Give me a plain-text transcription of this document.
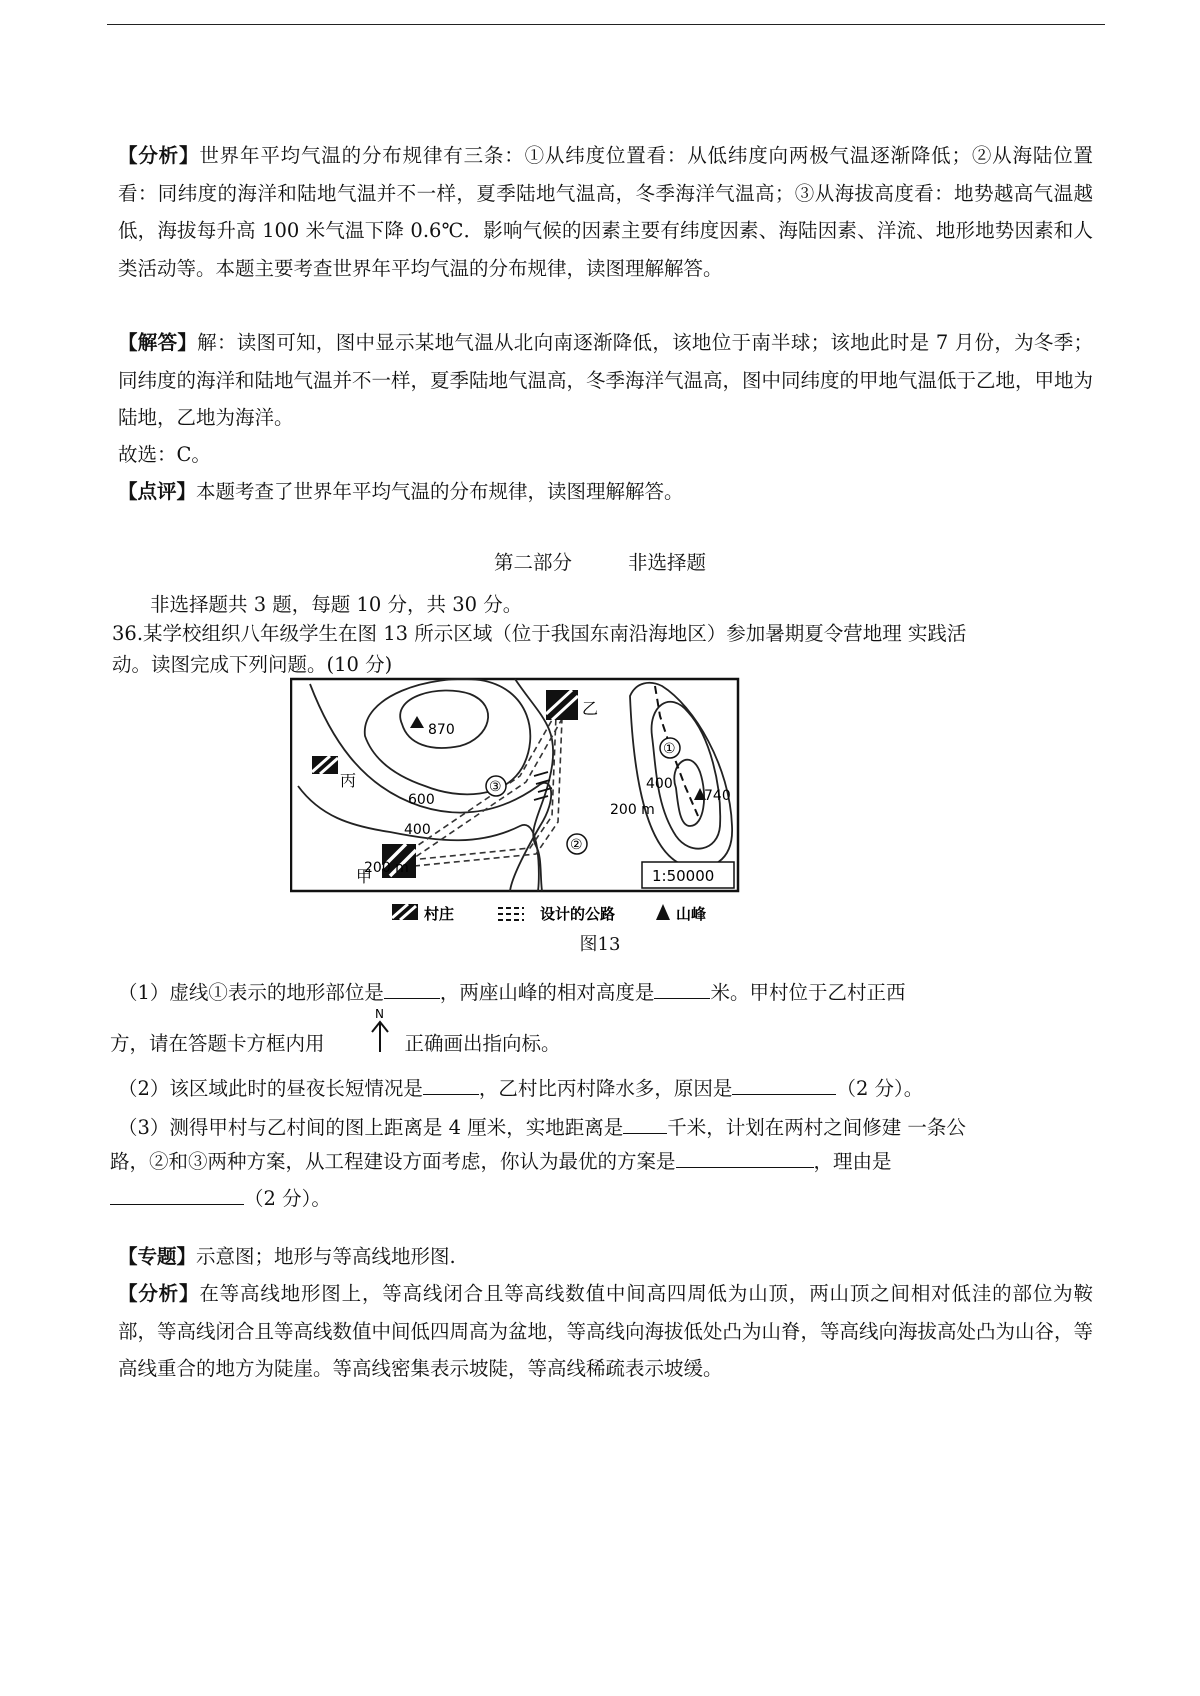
【分析】世界年平均气温的分布规律有三条：①从纬度位置看：从低纬度向两极气温逐渐降低；②从海陆位置看：同纬度的海洋和陆地气温并不一样，夏季陆地气温高，冬季海洋气温高；③从海拔高度看：地势越高气温越低，海拔每升高 100 米气温下降 0.6℃．影响气候的因素主要有纬度因素、海陆因素、洋流、地形地势因素和人类活动等。本题主要考查世界年平均气温的分布规律，读图理解解答。
【解答】解：读图可知，图中显示某地气温从北向南逐渐降低，该地位于南半球；该地此时是 7 月份，为冬季；同纬度的海洋和陆地气温并不一样，夏季陆地气温高，冬季海洋气温高，图中同纬度的甲地气温低于乙地，甲地为陆地，乙地为海洋。
故选：C。
【点评】本题考查了世界年平均气温的分布规律，读图理解解答。
第二部分	非选择题
非选择题共 3 题，每题 10 分，共 30 分。
36.某学校组织八年级学生在图 13 所示区域（位于我国东南沿海地区）参加暑期夏令营地理 实践活
动。读图完成下列问题。(10 分)
870
740
600
400
200 m
400
200 m
甲
乙
丙
①
③
②
1:50000
村庄	设计的公路	山峰
图13
（1）虚线①表示的地形部位是	，两座山峰的相对高度是	米。甲村位于乙村正西
方，请在答题卡方框内用	正确画出指向标。
N
（2）该区域此时的昼夜长短情况是	，乙村比丙村降水多，原因是	（2 分）。
（3）测得甲村与乙村间的图上距离是 4 厘米，实地距离是 千米，计划在两村之间修建 一条公
路，②和③两种方案，从工程建设方面考虑，你认为最优的方案是	，理由是
（2 分）。
【专题】示意图；地形与等高线地形图.
【分析】在等高线地形图上，等高线闭合且等高线数值中间高四周低为山顶，两山顶之间相对低洼的部位为鞍部，等高线闭合且等高线数值中间低四周高为盆地，等高线向海拔低处凸为山脊，等高线向海拔高处凸为山谷，等高线重合的地方为陡崖。等高线密集表示坡陡，等高线稀疏表示坡缓。
